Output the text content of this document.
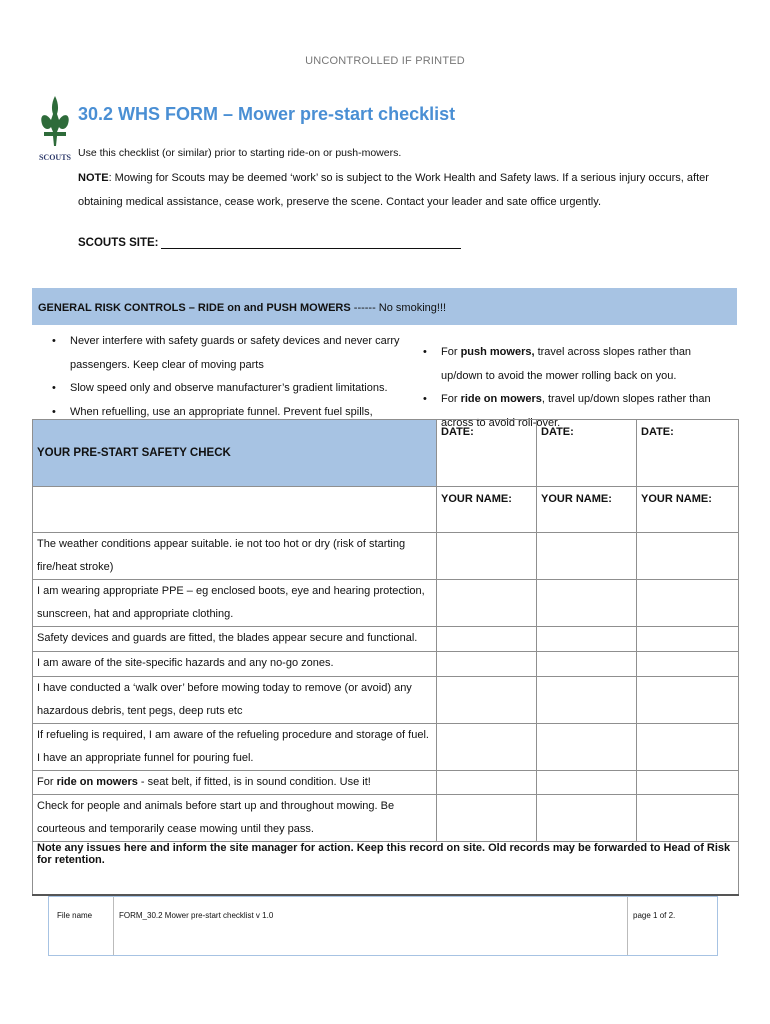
UNCONTROLLED IF PRINTED
SCOUTS
30.2 WHS FORM – Mower pre-start checklist
Use this checklist (or similar) prior to starting ride-on or push-mowers.
NOTE: Mowing for Scouts may be deemed ‘work’ so is subject to the Work Health and Safety laws. If a serious injury occurs, after obtaining medical assistance, cease work, preserve the scene. Contact your leader and sate office urgently.
SCOUTS SITE:
GENERAL RISK CONTROLS – RIDE on and PUSH MOWERS ------ No smoking!!!
• Never interfere with safety guards or safety devices and never carry passengers. Keep clear of moving parts
• Slow speed only and observe manufacturer’s gradient limitations.
• When refuelling, use an appropriate funnel. Prevent fuel spills,
• For push mowers, travel across slopes rather than up/down to avoid the mower rolling back on you.
• For ride on mowers, travel up/down slopes rather than across to avoid roll-over.
YOUR PRE-START SAFETY CHECK	DATE:	DATE:	DATE:
	YOUR NAME:	YOUR NAME:	YOUR NAME:
The weather conditions appear suitable. ie not too hot or dry (risk of starting fire/heat stroke)			
I am wearing appropriate PPE – eg enclosed boots, eye and hearing protection, sunscreen, hat and appropriate clothing.			
Safety devices and guards are fitted, the blades appear secure and functional.			
I am aware of the site-specific hazards and any no-go zones.			
I have conducted a ‘walk over’ before mowing today to remove (or avoid) any hazardous debris, tent pegs, deep ruts etc			
If refueling is required, I am aware of the refueling procedure and storage of fuel. I have an appropriate funnel for pouring fuel.			
For ride on mowers - seat belt, if fitted, is in sound condition. Use it!			
Check for people and animals before start up and throughout mowing. Be courteous and temporarily cease mowing until they pass.			
Note any issues here and inform the site manager for action. Keep this record on site. Old records may be forwarded to Head of Risk for retention.			
File name	FORM_30.2 Mower pre-start checklist v 1.0	page 1 of 2.
